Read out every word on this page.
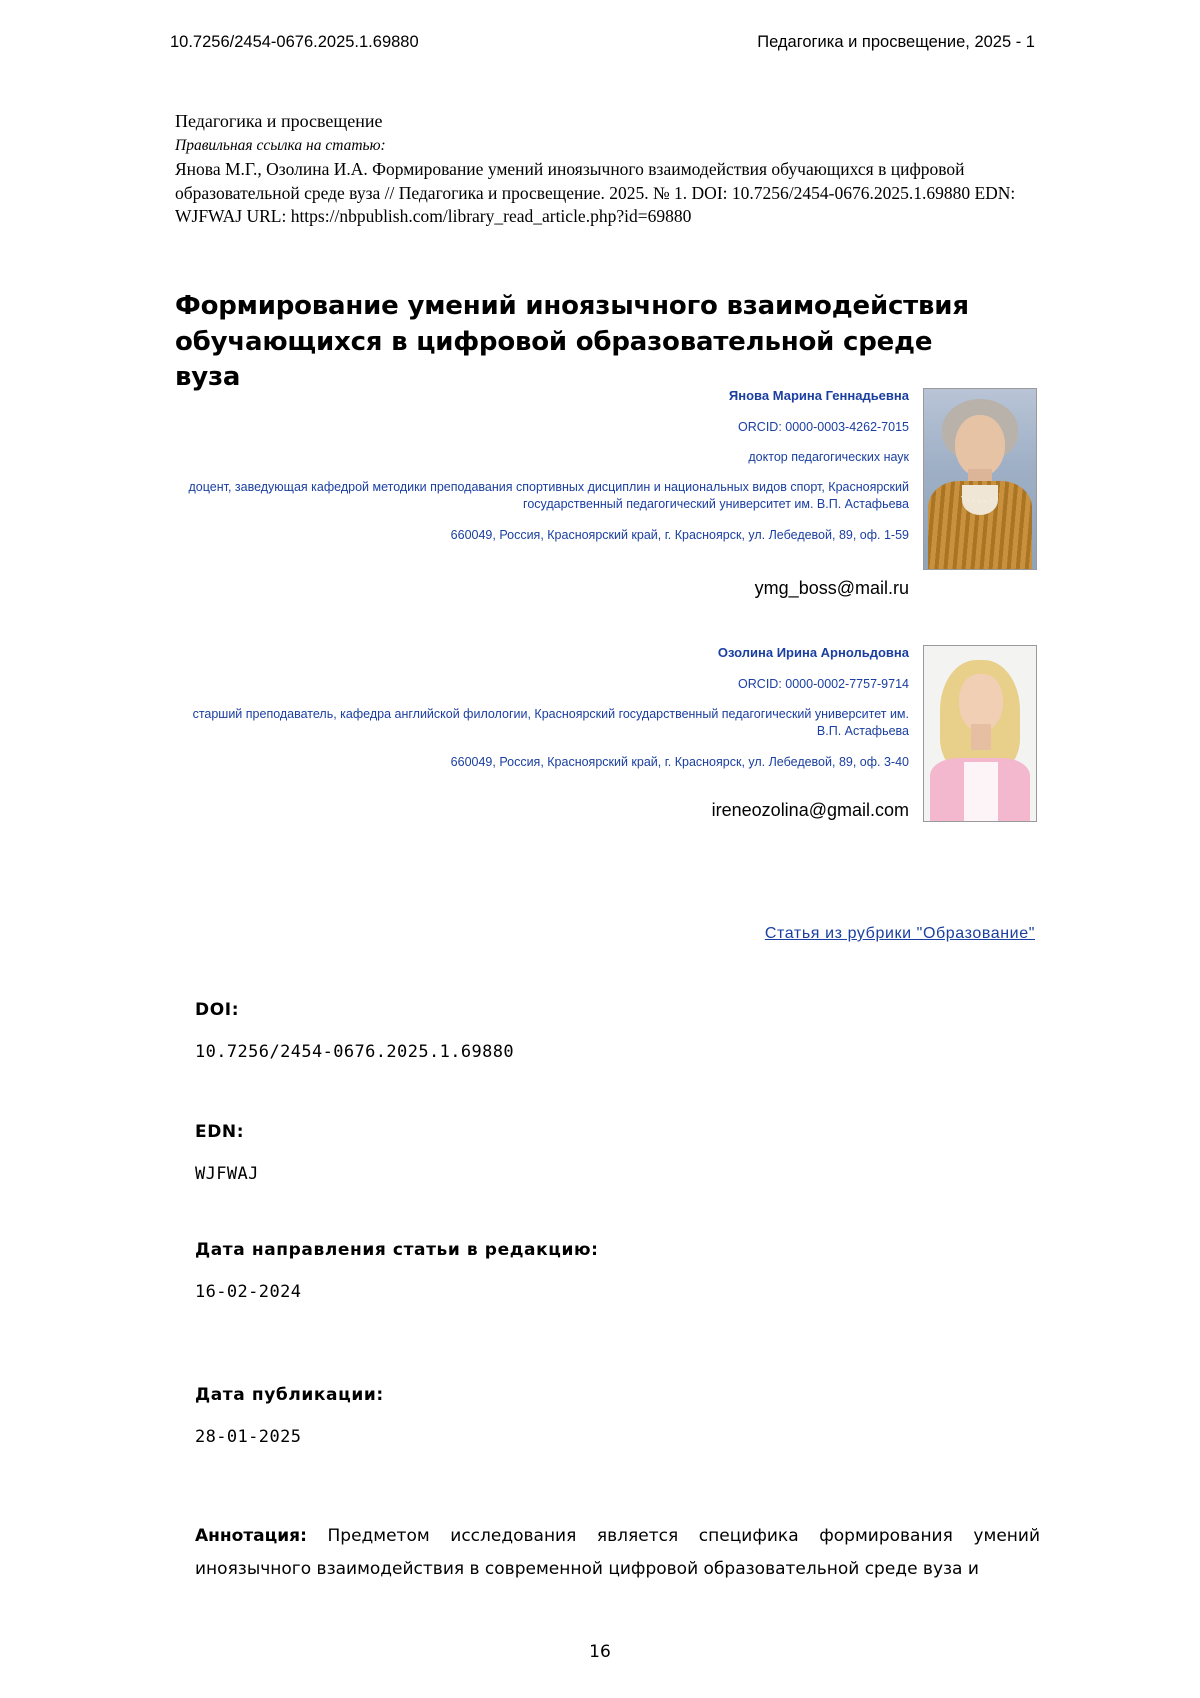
10.7256/2454-0676.2025.1.69880	Педагогика и просвещение, 2025 - 1
Педагогика и просвещение
Правильная ссылка на статью:
Янова М.Г., Озолина И.А. Формирование умений иноязычного взаимодействия обучающихся в цифровой образовательной среде вуза // Педагогика и просвещение. 2025. № 1. DOI: 10.7256/2454-0676.2025.1.69880 EDN: WJFWAJ URL: https://nbpublish.com/library_read_article.php?id=69880
Формирование умений иноязычного взаимодействия обучающихся в цифровой образовательной среде вуза
Янова Марина Геннадьевна
ORCID: 0000-0003-4262-7015
доктор педагогических наук
доцент, заведующая кафедрой методики преподавания спортивных дисциплин и национальных видов спорт, Красноярский государственный педагогический университет им. В.П. Астафьева
660049, Россия, Красноярский край, г. Красноярск, ул. Лебедевой, 89, оф. 1-59
ymg_boss@mail.ru
Озолина Ирина Арнольдовна
ORCID: 0000-0002-7757-9714
старший преподаватель, кафедра английской филологии, Красноярский государственный педагогический университет им. В.П. Астафьева
660049, Россия, Красноярский край, г. Красноярск, ул. Лебедевой, 89, оф. 3-40
ireneozolina@gmail.com
Статья из рубрики "Образование"
DOI:
10.7256/2454-0676.2025.1.69880
EDN:
WJFWAJ
Дата направления статьи в редакцию:
16-02-2024
Дата публикации:
28-01-2025
Аннотация: Предметом исследования является специфика формирования умений иноязычного взаимодействия в современной цифровой образовательной среде вуза и
16
